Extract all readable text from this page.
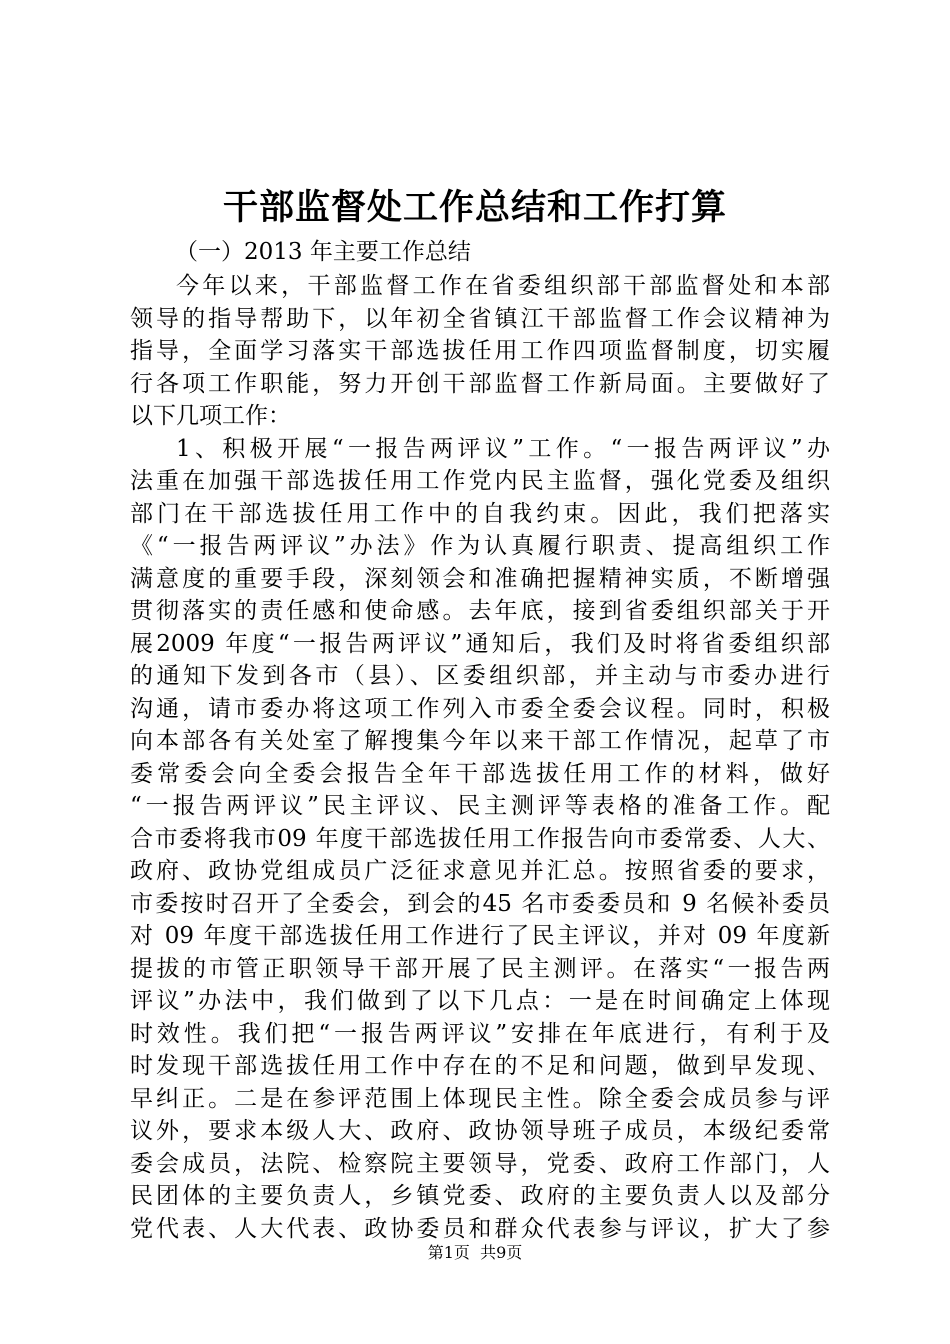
干部监督处工作总结和工作打算
（一）2013 年主要工作总结
今年以来，干部监督工作在省委组织部干部监督处和本部
领导的指导帮助下，以年初全省镇江干部监督工作会议精神为
指导，全面学习落实干部选拔任用工作四项监督制度，切实履
行各项工作职能，努力开创干部监督工作新局面。主要做好了
以下几项工作：
1、积极开展“一报告两评议”工作。“一报告两评议”办
法重在加强干部选拔任用工作党内民主监督，强化党委及组织
部门在干部选拔任用工作中的自我约束。因此，我们把落实
《“一报告两评议”办法》作为认真履行职责、提高组织工作
满意度的重要手段，深刻领会和准确把握精神实质，不断增强
贯彻落实的责任感和使命感。去年底，接到省委组织部关于开
展2009 年度“一报告两评议”通知后，我们及时将省委组织部
的通知下发到各市（县）、区委组织部，并主动与市委办进行
沟通，请市委办将这项工作列入市委全委会议程。同时，积极
向本部各有关处室了解搜集今年以来干部工作情况，起草了市
委常委会向全委会报告全年干部选拔任用工作的材料，做好
“一报告两评议”民主评议、民主测评等表格的准备工作。配
合市委将我市09 年度干部选拔任用工作报告向市委常委、人大、
政府、政协党组成员广泛征求意见并汇总。按照省委的要求，
市委按时召开了全委会，到会的45 名市委委员和 9 名候补委员
对 09 年度干部选拔任用工作进行了民主评议，并对 09 年度新
提拔的市管正职领导干部开展了民主测评。在落实“一报告两
评议”办法中，我们做到了以下几点：一是在时间确定上体现
时效性。我们把“一报告两评议”安排在年底进行，有利于及
时发现干部选拔任用工作中存在的不足和问题，做到早发现、
早纠正。二是在参评范围上体现民主性。除全委会成员参与评
议外，要求本级人大、政府、政协领导班子成员，本级纪委常
委会成员，法院、检察院主要领导，党委、政府工作部门，人
民团体的主要负责人，乡镇党委、政府的主要负责人以及部分
党代表、人大代表、政协委员和群众代表参与评议，扩大了参
第1页  共9页
